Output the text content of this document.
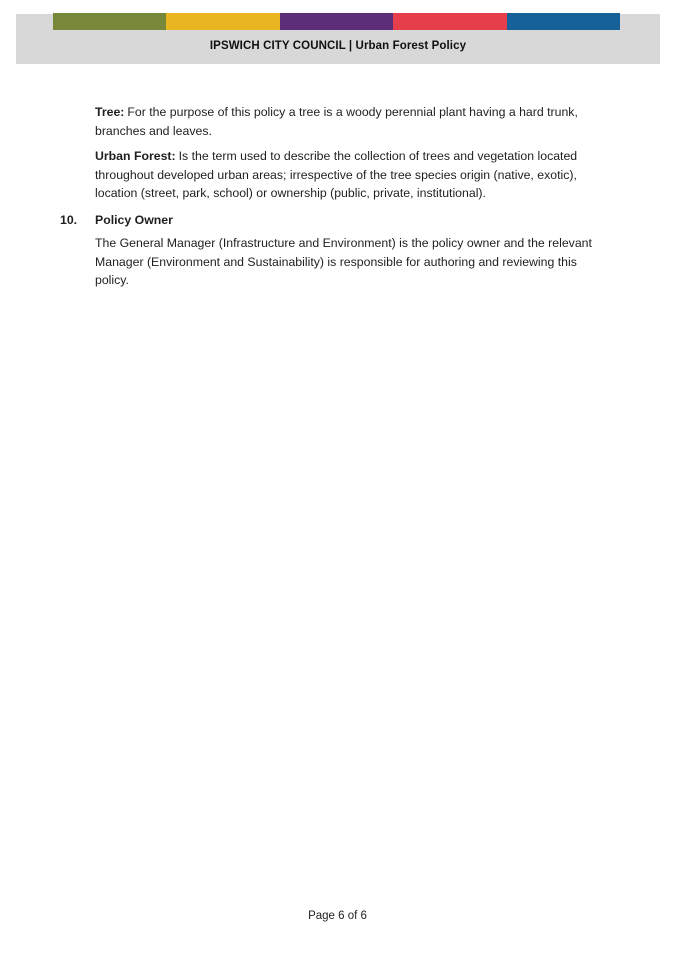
IPSWICH CITY COUNCIL | Urban Forest Policy

Tree: For the purpose of this policy a tree is a woody perennial plant having a hard trunk, branches and leaves.

Urban Forest: Is the term used to describe the collection of trees and vegetation located throughout developed urban areas; irrespective of the tree species origin (native, exotic), location (street, park, school) or ownership (public, private, institutional).

10. Policy Owner

The General Manager (Infrastructure and Environment) is the policy owner and the relevant Manager (Environment and Sustainability) is responsible for authoring and reviewing this policy.

Page 6 of 6
